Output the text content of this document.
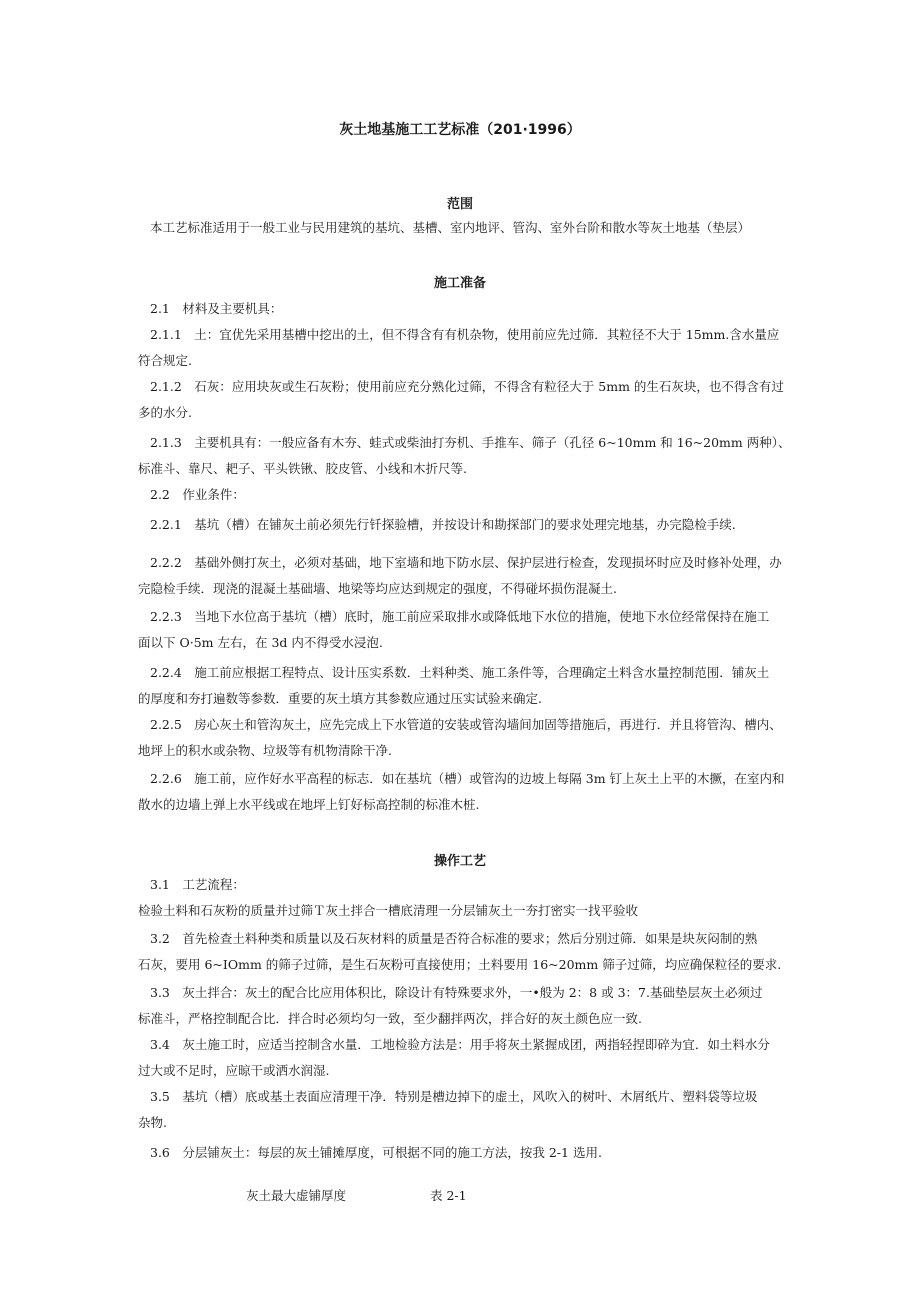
灰土地基施工工艺标准（201·1996）
范围
本工艺标准适用于一般工业与民用建筑的基坑、基槽、室内地评、管沟、室外台阶和散水等灰土地基（垫层）
施工准备
2.1　材料及主要机具：
2.1.1　土：宜优先采用基槽中挖出的土，但不得含有有机杂物，使用前应先过筛．其粒径不大于 15mm.含水量应
符合规定.
2.1.2　石灰：应用块灰或生石灰粉；使用前应充分熟化过筛，不得含有粒径大于 5mm 的生石灰块，也不得含有过
多的水分.
2.1.3　主要机具有：一般应备有木夯、蛙式或柴油打夯机、手推车、筛子（孔径 6~10mm 和 16~20mm 两种）、
标准斗、靠尺、耙子、平头铁锹、胶皮管、小线和木折尺等.
2.2　作业条件：
2.2.1　基坑（槽）在铺灰土前必须先行钎探验槽，并按设计和勘探部门的要求处理完地基，办完隐检手续.
2.2.2　基础外侧打灰土，必须对基础，地下室墙和地下防水层、保护层进行检查，发现损坏时应及时修补处理，办
完隐检手续．现浇的混凝土基础墙、地梁等均应达到规定的强度，不得碰坏损伤混凝土.
2.2.3　当地下水位高于基坑（槽）底时，施工前应采取排水或降低地下水位的措施，使地下水位经常保持在施工
面以下 O·5m 左右，在 3d 内不得受水浸泡.
2.2.4　施工前应根据工程特点、设计压实系数．土料种类、施工条件等，合理确定土料含水量控制范围．铺灰土
的厚度和夯打遍数等参数．重要的灰土填方其参数应通过压实试验来确定.
2.2.5　房心灰土和管沟灰土，应先完成上下水管道的安装或管沟墙间加固等措施后，再进行．并且将管沟、槽内、
地坪上的积水或杂物、垃圾等有机物清除干净.
2.2.6　施工前，应作好水平高程的标志．如在基坑（槽）或管沟的边坡上每隔 3m 钉上灰土上平的木撅，在室内和
散水的边墙上弹上水平线或在地坪上钉好标高控制的标准木桩.
操作工艺
3.1　工艺流程：
检验土料和石灰粉的质量并过筛Ｔ灰土拌合一槽底清理一分层铺灰土一夯打密实一找平验收
3.2　首先检查土料种类和质量以及石灰材料的质量是否符合标准的要求；然后分别过筛．如果是块灰闷制的熟
石灰，要用 6~IOmm 的筛子过筛，是生石灰粉可直接使用；土料要用 16~20mm 筛子过筛，均应确保粒径的要求.
3.3　灰土拌合：灰土的配合比应用体积比，除设计有特殊要求外，一•般为 2：8 或 3：7.基础垫层灰土必须过
标准斗，严格控制配合比．拌合时必须均匀一致，至少翻拌两次，拌合好的灰土颜色应一致.
3.4　灰土施工时，应适当控制含水量．工地检验方法是：用手将灰土紧握成团，两指轻捏即碎为宜．如土料水分
过大或不足时，应晾干或洒水润湿.
3.5　基坑（槽）底或基土表面应清理干净．特别是槽边掉下的虚土，风吹入的树叶、木屑纸片、塑料袋等垃圾
杂物.
3.6　分层铺灰土：每层的灰土铺摊厚度，可根据不同的施工方法，按我 2-1 选用.
灰土最大虚铺厚度	表 2-1
